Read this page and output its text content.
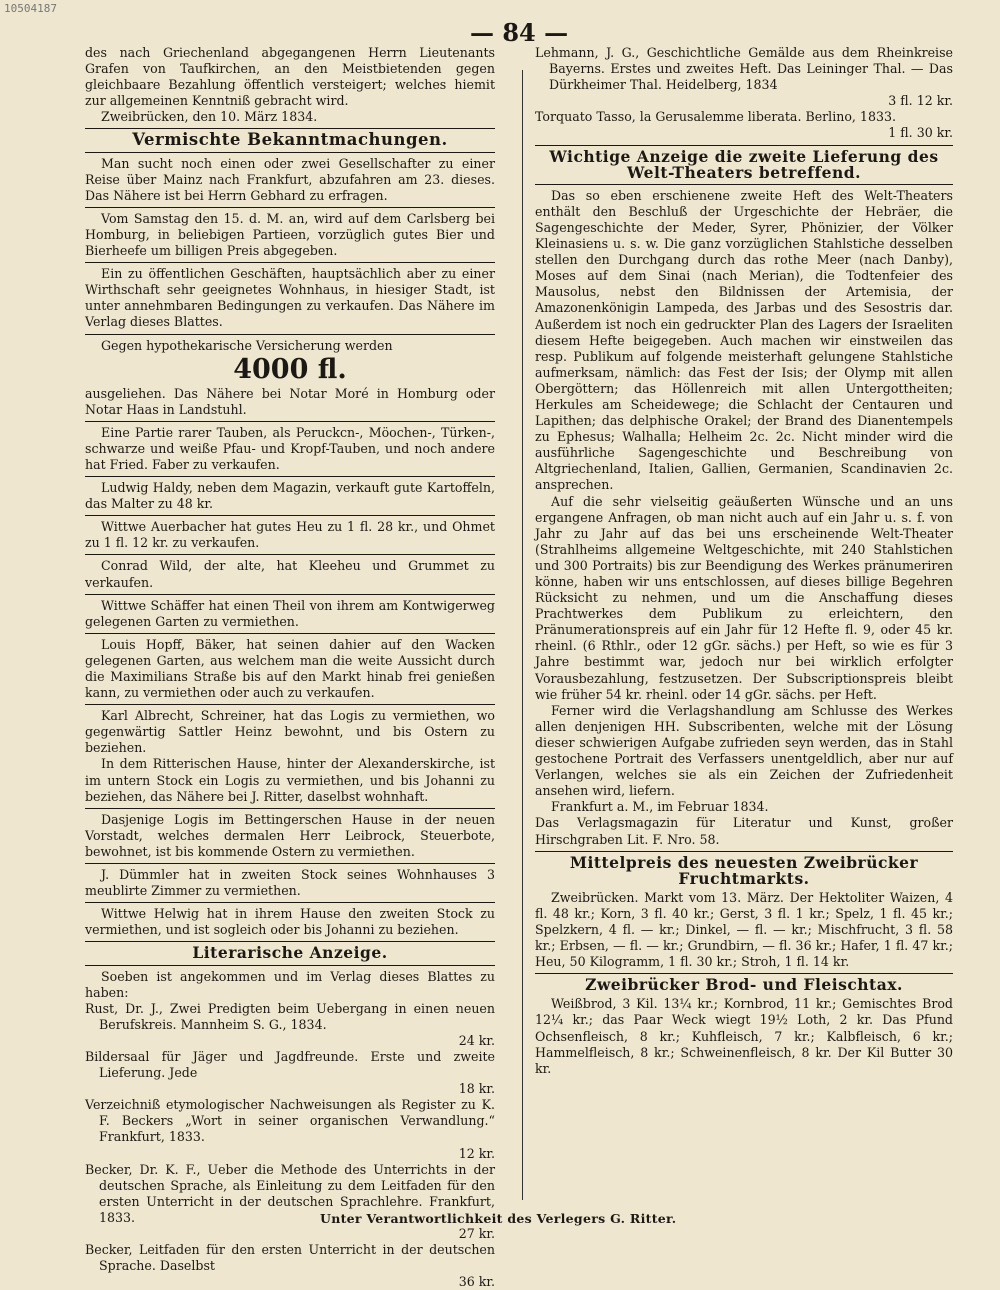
10504187
— 84 —

des nach Griechenland abgegangenen Herrn Lieutenants Grafen von Taufkirchen, an den Meistbietenden gegen gleichbaare Bezahlung öffentlich versteigert; welches hiemit zur allgemeinen Kenntniß gebracht wird.

Zweibrücken, den 10. März 1834.

Vermischte Bekanntmachungen.

Man sucht noch einen oder zwei Gesellschafter zu einer Reise über Mainz nach Frankfurt, abzufahren am 23. dieses. Das Nähere ist bei Herrn Gebhard zu erfragen.

Vom Samstag den 15. d. M. an, wird auf dem Carlsberg bei Homburg, in beliebigen Partieen, vorzüglich gutes Bier und Bierheefe um billigen Preis abgegeben.

Ein zu öffentlichen Geschäften, hauptsächlich aber zu einer Wirthschaft sehr geeignetes Wohnhaus, in hiesiger Stadt, ist unter annehmbaren Bedingungen zu verkaufen. Das Nähere im Verlag dieses Blattes.

Gegen hypothekarische Versicherung werden

4000 fl.

ausgeliehen. Das Nähere bei Notar Moré in Homburg oder Notar Haas in Landstuhl.

Eine Partie rarer Tauben, als Peruckcn-, Möochen-, Türken-, schwarze und weiße Pfau- und Kropf-Tauben, und noch andere hat Fried. Faber zu verkaufen.

Ludwig Haldy, neben dem Magazin, verkauft gute Kartoffeln, das Malter zu 48 kr.

Wittwe Auerbacher hat gutes Heu zu 1 fl. 28 kr., und Ohmet zu 1 fl. 12 kr. zu verkaufen.

Conrad Wild, der alte, hat Kleeheu und Grummet zu verkaufen.

Wittwe Schäffer hat einen Theil von ihrem am Kontwigerweg gelegenen Garten zu vermiethen.

Louis Hopff, Bäker, hat seinen dahier auf den Wacken gelegenen Garten, aus welchem man die weite Aussicht durch die Maximilians Straße bis auf den Markt hinab frei genießen kann, zu vermiethen oder auch zu verkaufen.

Karl Albrecht, Schreiner, hat das Logis zu vermiethen, wo gegenwärtig Sattler Heinz bewohnt, und bis Ostern zu beziehen.

In dem Ritterischen Hause, hinter der Alexanderskirche, ist im untern Stock ein Logis zu vermiethen, und bis Johanni zu beziehen, das Nähere bei J. Ritter, daselbst wohnhaft.

Dasjenige Logis im Bettingerschen Hause in der neuen Vorstadt, welches dermalen Herr Leibrock, Steuerbote, bewohnet, ist bis kommende Ostern zu vermiethen.

J. Dümmler hat in zweiten Stock seines Wohnhauses 3 meublirte Zimmer zu vermiethen.

Wittwe Helwig hat in ihrem Hause den zweiten Stock zu vermiethen, und ist sogleich oder bis Johanni zu beziehen.

Literarische Anzeige.

Soeben ist angekommen und im Verlag dieses Blattes zu haben:

Rust, Dr. J., Zwei Predigten beim Uebergang in einen neuen Berufskreis. Mannheim S. G., 1834.

24 kr.

Bildersaal für Jäger und Jagdfreunde. Erste und zweite Lieferung. Jede

18 kr.

Verzeichniß etymologischer Nachweisungen als Register zu K. F. Beckers „Wort in seiner organischen Verwandlung.“ Frankfurt, 1833.

12 kr.

Becker, Dr. K. F., Ueber die Methode des Unterrichts in der deutschen Sprache, als Einleitung zu dem Leitfaden für den ersten Unterricht in der deutschen Sprachlehre. Frankfurt, 1833.

27 kr.

Becker, Leitfaden für den ersten Unterricht in der deutschen Sprache. Daselbst

36 kr.

Lehmann, J. G., Geschichtliche Gemälde aus dem Rheinkreise Bayerns. Erstes und zweites Heft. Das Leininger Thal. — Das Dürkheimer Thal. Heidelberg, 1834

3 fl. 12 kr.

Torquato Tasso, la Gerusalemme liberata. Berlino, 1833.

1 fl. 30 kr.
Wichtige Anzeige die zweite Lieferung des Welt-Theaters betreffend.

Das so eben erschienene zweite Heft des Welt-Theaters enthält den Beschluß der Urgeschichte der Hebräer, die Sagengeschichte der Meder, Syrer, Phönizier, der Völker Kleinasiens u. s. w. Die ganz vorzüglichen Stahlstiche desselben stellen den Durchgang durch das rothe Meer (nach Danby), Moses auf dem Sinai (nach Merian), die Todtenfeier des Mausolus, nebst den Bildnissen der Artemisia, der Amazonenkönigin Lampeda, des Jarbas und des Sesostris dar. Außerdem ist noch ein gedruckter Plan des Lagers der Israeliten diesem Hefte beigegeben. Auch machen wir einstweilen das resp. Publikum auf folgende meisterhaft gelungene Stahlstiche aufmerksam, nämlich: das Fest der Isis; der Olymp mit allen Obergöttern; das Höllenreich mit allen Untergottheiten; Herkules am Scheidewege; die Schlacht der Centauren und Lapithen; das delphische Orakel; der Brand des Dianentempels zu Ephesus; Walhalla; Helheim 2c. 2c. Nicht minder wird die ausführliche Sagengeschichte und Beschreibung von Altgriechenland, Italien, Gallien, Germanien, Scandinavien 2c. ansprechen.

Auf die sehr vielseitig geäußerten Wünsche und an uns ergangene Anfragen, ob man nicht auch auf ein Jahr u. s. f. von Jahr zu Jahr auf das bei uns erscheinende Welt-Theater (Strahlheims allgemeine Weltgeschichte, mit 240 Stahlstichen und 300 Portraits) bis zur Beendigung des Werkes pränumeriren könne, haben wir uns entschlossen, auf dieses billige Begehren Rücksicht zu nehmen, und um die Anschaffung dieses Prachtwerkes dem Publikum zu erleichtern, den Pränumerationspreis auf ein Jahr für 12 Hefte fl. 9, oder 45 kr. rheinl. (6 Rthlr., oder 12 gGr. sächs.) per Heft, so wie es für 3 Jahre bestimmt war, jedoch nur bei wirklich erfolgter Vorausbezahlung, festzusetzen. Der Subscriptionspreis bleibt wie früher 54 kr. rheinl. oder 14 gGr. sächs. per Heft.

Ferner wird die Verlagshandlung am Schlusse des Werkes allen denjenigen HH. Subscribenten, welche mit der Lösung dieser schwierigen Aufgabe zufrieden seyn werden, das in Stahl gestochene Portrait des Verfassers unentgeldlich, aber nur auf Verlangen, welches sie als ein Zeichen der Zufriedenheit ansehen wird, liefern.

Frankfurt a. M., im Februar 1834.

Das Verlagsmagazin für Literatur und Kunst, großer Hirschgraben Lit. F. Nro. 58.

Mittelpreis des neuesten Zweibrücker Fruchtmarkts.

Zweibrücken. Markt vom 13. März. Der Hektoliter Waizen, 4 fl. 48 kr.; Korn, 3 fl. 40 kr.; Gerst, 3 fl. 1 kr.; Spelz, 1 fl. 45 kr.; Spelzkern, 4 fl. — kr.; Dinkel, — fl. — kr.; Mischfrucht, 3 fl. 58 kr.; Erbsen, — fl. — kr.; Grundbirn, — fl. 36 kr.; Hafer, 1 fl. 47 kr.; Heu, 50 Kilogramm, 1 fl. 30 kr.; Stroh, 1 fl. 14 kr.

Zweibrücker Brod- und Fleischtax.

Weißbrod, 3 Kil. 13¼ kr.; Kornbrod, 11 kr.; Gemischtes Brod 12¼ kr.; das Paar Weck wiegt 19½ Loth, 2 kr. Das Pfund Ochsenfleisch, 8 kr.; Kuhfleisch, 7 kr.; Kalbfleisch, 6 kr.; Hammelfleisch, 8 kr.; Schweinenfleisch, 8 kr. Der Kil Butter 30 kr.

Unter Verantwortlichkeit des Verlegers G. Ritter.
